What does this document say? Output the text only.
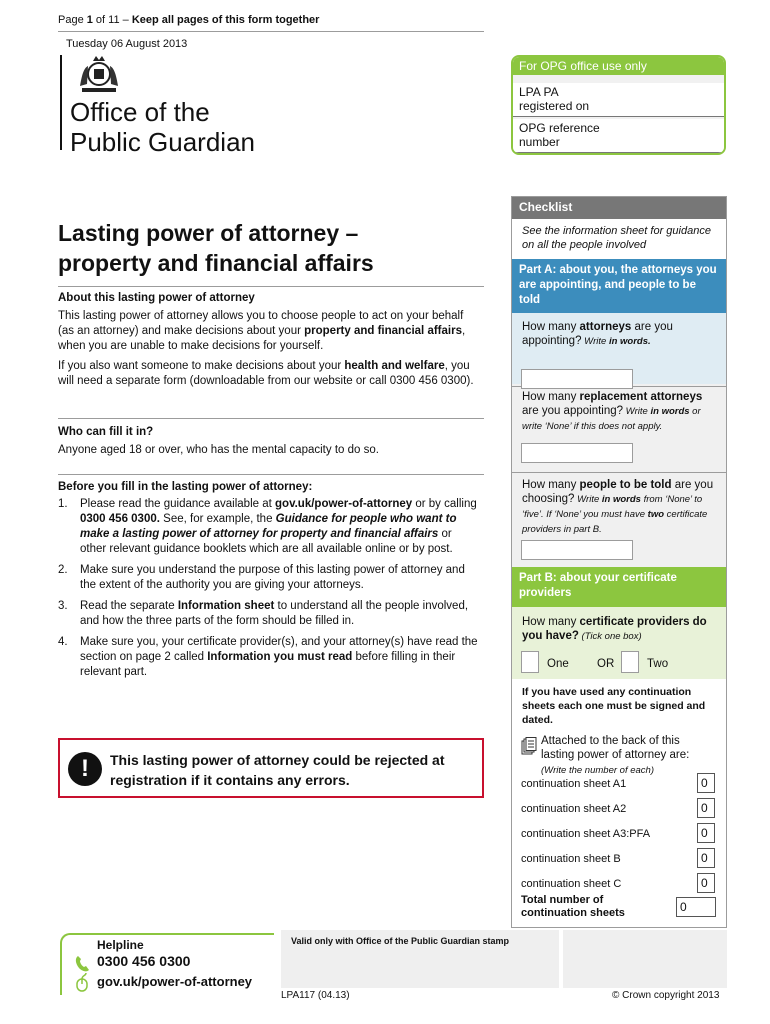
Page 1 of 11 – Keep all pages of this form together
Tuesday 06 August 2013
Office of the
Public Guardian
For OPG office use only
LPA PA
registered on
OPG reference
number
Lasting power of attorney –
property and financial affairs
About this lasting power of attorney
This lasting power of attorney allows you to choose people to act on your behalf (as an attorney) and make decisions about your property and financial affairs, when you are unable to make decisions for yourself.
If you also want someone to make decisions about your health and welfare, you will need a separate form (downloadable from our website or call 0300 456 0300).
Who can fill it in?
Anyone aged 18 or over, who has the mental capacity to do so.
Before you fill in the lasting power of attorney:
1. Please read the guidance available at gov.uk/power-of-attorney or by calling 0300 456 0300. See, for example, the Guidance for people who want to make a lasting power of attorney for property and financial affairs or other relevant guidance booklets which are all available online or by post.
2. Make sure you understand the purpose of this lasting power of attorney and the extent of the authority you are giving your attorneys.
3. Read the separate Information sheet to understand all the people involved, and how the three parts of the form should be filled in.
4. Make sure you, your certificate provider(s), and your attorney(s) have read the section on page 2 called Information you must read before filling in their relevant part.
!	This lasting power of attorney could be rejected at registration if it contains any errors.
Checklist
See the information sheet for guidance on all the people involved
Part A: about you, the attorneys you are appointing, and people to be told
How many attorneys are you appointing? Write in words.
How many replacement attorneys are you appointing? Write in words or write ‘None’ if this does not apply.
How many people to be told are you choosing? Write in words from ‘None’ to ‘five’. If ‘None’ you must have two certificate providers in part B.
Part B: about your certificate providers
How many certificate providers do you have? (Tick one box)
If you have used any continuation sheets each one must be signed and dated.
One OR	Two
Attached to the back of this lasting power of attorney are:
(Write the number of each)
continuation sheet A1	0
continuation sheet A2	0
continuation sheet A3:PFA	0
continuation sheet B	0
continuation sheet C	0
Total number of continuation sheets	0
Helpline
0300 456 0300
gov.uk/power-of-attorney
Valid only with Office of the Public Guardian stamp
LPA117 (04.13)	© Crown copyright 2013
